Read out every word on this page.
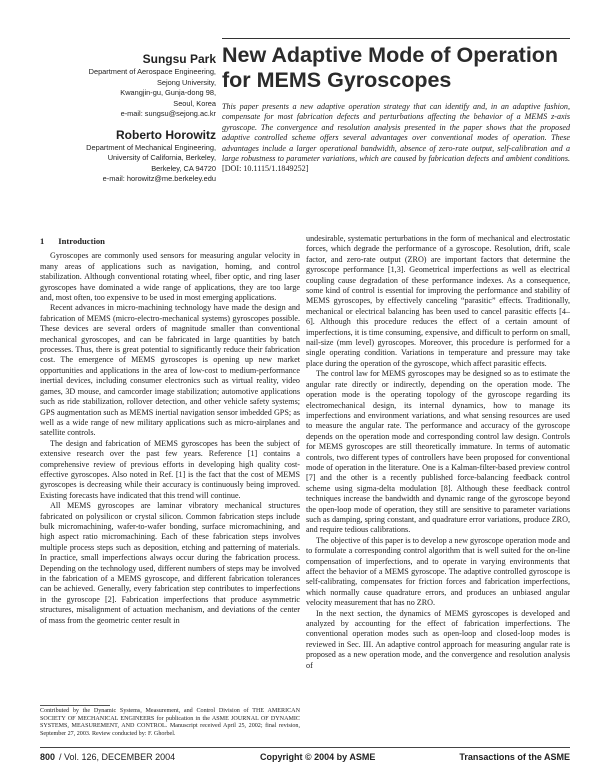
Sungsu Park
Department of Aerospace Engineering,
Sejong University,
Kwangjin-gu, Gunja-dong 98,
Seoul, Korea
e-mail: sungsu@sejong.ac.kr
Roberto Horowitz
Department of Mechanical Engineering,
University of California, Berkeley,
Berkeley, CA 94720
e-mail: horowitz@me.berkeley.edu
New Adaptive Mode of Operation for MEMS Gyroscopes
This paper presents a new adaptive operation strategy that can identify and, in an adaptive fashion, compensate for most fabrication defects and perturbations affecting the behavior of a MEMS z-axis gyroscope. The convergence and resolution analysis presented in the paper shows that the proposed adaptive controlled scheme offers several advantages over conventional modes of operation. These advantages include a larger operational bandwidth, absence of zero-rate output, self-calibration and a large robustness to parameter variations, which are caused by fabrication defects and ambient conditions. [DOI: 10.1115/1.1849252]
1 Introduction

Gyroscopes are commonly used sensors for measuring angular velocity in many areas of applications such as navigation, homing, and control stabilization. Although conventional rotating wheel, fiber optic, and ring laser gyroscopes have dominated a wide range of applications, they are too large and, most often, too expensive to be used in most emerging applications.

Recent advances in micro-machining technology have made the design and fabrication of MEMS (micro-electro-mechanical systems) gyroscopes possible. These devices are several orders of magnitude smaller than conventional mechanical gyroscopes, and can be fabricated in large quantities by batch processes. Thus, there is great potential to significantly reduce their fabrication cost. The emergence of MEMS gyroscopes is opening up new market opportunities and applications in the area of low-cost to medium-performance inertial devices, including consumer electronics such as virtual reality, video games, 3D mouse, and camcorder image stabilization; automotive applications such as ride stabilization, rollover detection, and other vehicle safety systems; GPS augmentation such as MEMS inertial navigation sensor imbedded GPS; as well as a wide range of new military applications such as micro-airplanes and satellite controls.

The design and fabrication of MEMS gyroscopes has been the subject of extensive research over the past few years. Reference [1] contains a comprehensive review of previous efforts in developing high quality cost-effective gyroscopes. Also noted in Ref. [1] is the fact that the cost of MEMS gyroscopes is decreasing while their accuracy is continuously being improved. Existing forecasts have indicated that this trend will continue.

All MEMS gyroscopes are laminar vibratory mechanical structures fabricated on polysilicon or crystal silicon. Common fabrication steps include bulk micromachining, wafer-to-wafer bonding, surface micromachining, and high aspect ratio micromachining. Each of these fabrication steps involves multiple process steps such as deposition, etching and patterning of materials. In practice, small imperfections always occur during the fabrication process. Depending on the technology used, different numbers of steps may be involved in the fabrication of a MEMS gyroscope, and different fabrication tolerances can be achieved. Generally, every fabrication step contributes to imperfections in the gyroscope [2]. Fabrication imperfections that produce asymmetric structures, misalignment of actuation mechanism, and deviations of the center of mass from the geometric center result in

undesirable, systematic perturbations in the form of mechanical and electrostatic forces, which degrade the performance of a gyroscope. Resolution, drift, scale factor, and zero-rate output (ZRO) are important factors that determine the gyroscope performance [1,3]. Geometrical imperfections as well as electrical coupling cause degradation of these performance indexes. As a consequence, some kind of control is essential for improving the performance and stability of MEMS gyroscopes, by effectively canceling “parasitic” effects. Traditionally, mechanical or electrical balancing has been used to cancel parasitic effects [4–6]. Although this procedure reduces the effect of a certain amount of imperfections, it is time consuming, expensive, and difficult to perform on small, nail-size (mm level) gyroscopes. Moreover, this procedure is performed for a single operating condition. Variations in temperature and pressure may take place during the operation of the gyroscope, which affect parasitic effects.

The control law for MEMS gyroscopes may be designed so as to estimate the angular rate directly or indirectly, depending on the operation mode. The operation mode is the operating topology of the gyroscope regarding its electromechanical design, its internal dynamics, how to manage its imperfections and environment variations, and what sensing resources are used to measure the angular rate. The performance and accuracy of the gyroscope depends on the operation mode and corresponding control law design. Controls for MEMS gyroscopes are still theoretically immature. In terms of automatic controls, two different types of controllers have been proposed for conventional mode of operation in the literature. One is a Kalman-filter-based preview control [7] and the other is a recently published force-balancing feedback control scheme using sigma-delta modulation [8]. Although these feedback control techniques increase the bandwidth and dynamic range of the gyroscope beyond the open-loop mode of operation, they still are sensitive to parameter variations such as damping, spring constant, and quadrature error variations, produce ZRO, and require tedious calibrations.

The objective of this paper is to develop a new gyroscope operation mode and to formulate a corresponding control algorithm that is well suited for the on-line compensation of imperfections, and to operate in varying environments that affect the behavior of a MEMS gyroscope. The adaptive controlled gyroscope is self-calibrating, compensates for friction forces and fabrication imperfections, which normally cause quadrature errors, and produces an unbiased angular velocity measurement that has no ZRO.

In the next section, the dynamics of MEMS gyroscopes is developed and analyzed by accounting for the effect of fabrication imperfections. The conventional operation modes such as open-loop and closed-loop modes is reviewed in Sec. III. An adaptive control approach for measuring angular rate is proposed as a new operation mode, and the convergence and resolution analysis of

Contributed by the Dynamic Systems, Measurement, and Control Division of THE AMERICAN SOCIETY OF MECHANICAL ENGINEERS for publication in the ASME JOURNAL OF DYNAMIC SYSTEMS, MEASUREMENT, AND CONTROL. Manuscript received April 25, 2002; final revision, September 27, 2003. Review conducted by: F. Ghorbel.
800 / Vol. 126, DECEMBER 2004	Copyright © 2004 by ASME	Transactions of the ASME
